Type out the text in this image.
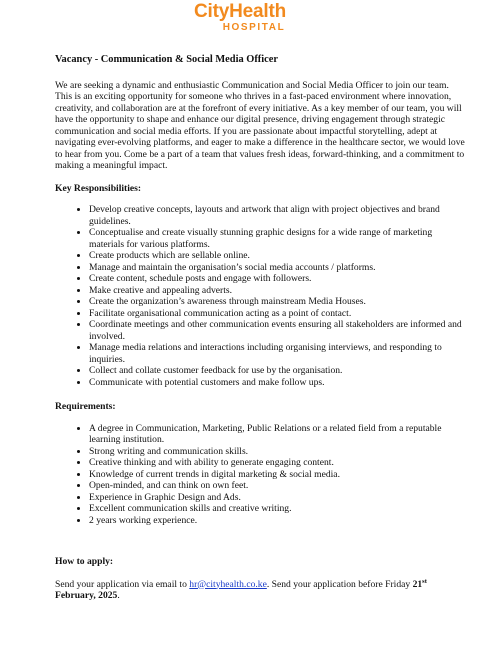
CityHealth
HOSPITAL

Vacancy - Communication & Social Media Officer

We are seeking a dynamic and enthusiastic Communication and Social Media Officer to join our team. This is an exciting opportunity for someone who thrives in a fast-paced environment where innovation, creativity, and collaboration are at the forefront of every initiative. As a key member of our team, you will have the opportunity to shape and enhance our digital presence, driving engagement through strategic communication and social media efforts. If you are passionate about impactful storytelling, adept at navigating ever-evolving platforms, and eager to make a difference in the healthcare sector, we would love to hear from you. Come be a part of a team that values fresh ideas, forward-thinking, and a commitment to making a meaningful impact.

Key Responsibilities:

• Develop creative concepts, layouts and artwork that align with project objectives and brand guidelines.
• Conceptualise and create visually stunning graphic designs for a wide range of marketing materials for various platforms.
• Create products which are sellable online.
• Manage and maintain the organisation’s social media accounts / platforms.
• Create content, schedule posts and engage with followers.
• Make creative and appealing adverts.
• Create the organization’s awareness through mainstream Media Houses.
• Facilitate organisational communication acting as a point of contact.
• Coordinate meetings and other communication events ensuring all stakeholders are informed and involved.
• Manage media relations and interactions including organising interviews, and responding to inquiries.
• Collect and collate customer feedback for use by the organisation.
• Communicate with potential customers and make follow ups.

Requirements:

• A degree in Communication, Marketing, Public Relations or a related field from a reputable learning institution.
• Strong writing and communication skills.
• Creative thinking and with ability to generate engaging content.
• Knowledge of current trends in digital marketing & social media.
• Open-minded, and can think on own feet.
• Experience in Graphic Design and Ads.
• Excellent communication skills and creative writing.
• 2 years working experience.

How to apply:

Send your application via email to hr@cityhealth.co.ke. Send your application before Friday 21st February, 2025.
